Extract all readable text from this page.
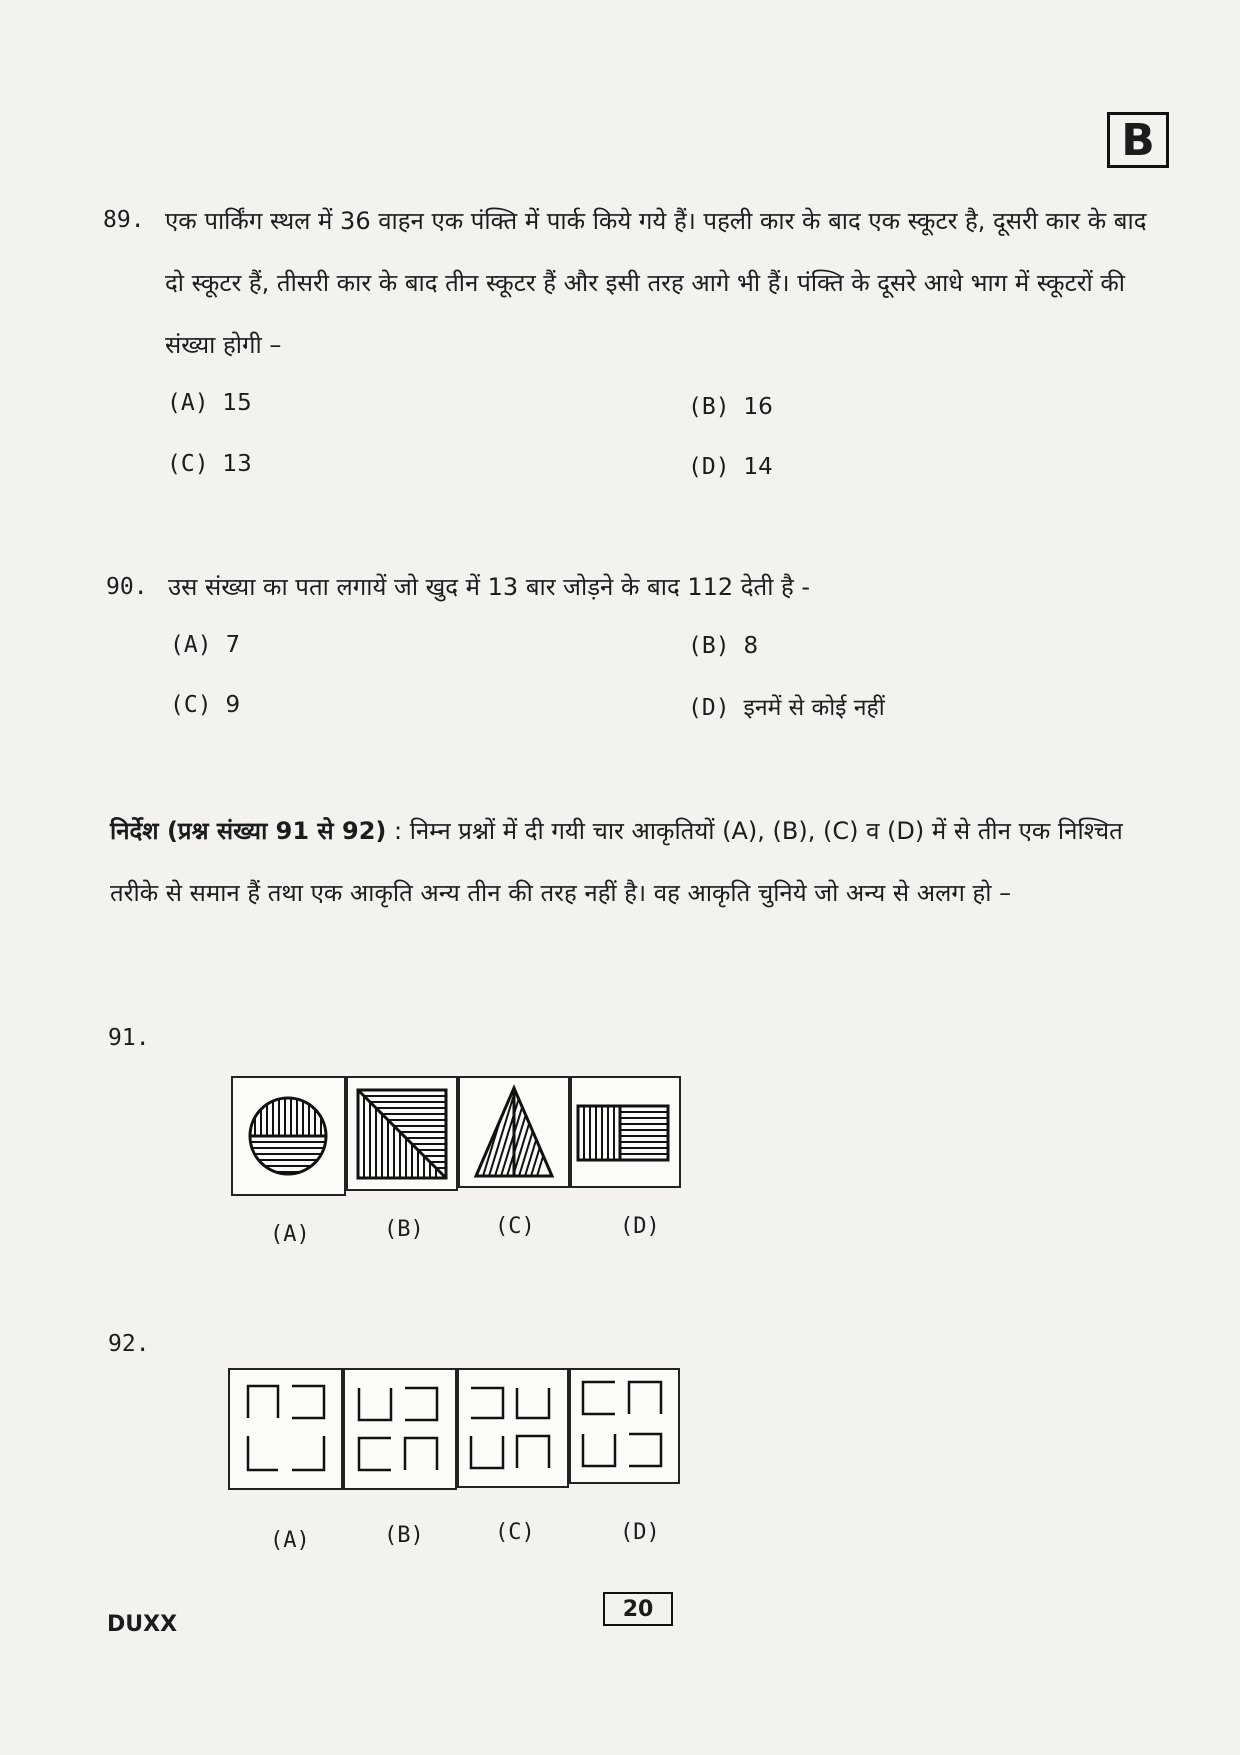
B
89. एक पार्किंग स्थल में 36 वाहन एक पंक्ति में पार्क किये गये हैं। पहली कार के बाद एक स्कूटर है, दूसरी कार के बाद दो स्कूटर हैं, तीसरी कार के बाद तीन स्कूटर हैं और इसी तरह आगे भी हैं। पंक्ति के दूसरे आधे भाग में स्कूटरों की संख्या होगी –
(A) 15	(B) 16
(C) 13	(D) 14
90. उस संख्या का पता लगायें जो खुद में 13 बार जोड़ने के बाद 112 देती है -
(A) 7	(B) 8
(C) 9	(D) इनमें से कोई नहीं
निर्देश (प्रश्न संख्या 91 से 92) : निम्न प्रश्नों में दी गयी चार आकृतियों (A), (B), (C) व (D) में से तीन एक निश्चित तरीके से समान हैं तथा एक आकृति अन्य तीन की तरह नहीं है। वह आकृति चुनिये जो अन्य से अलग हो –
91.
(A)	(B)	(C)	(D)
92.
(A)	(B)	(C)	(D)
DUXX
20
